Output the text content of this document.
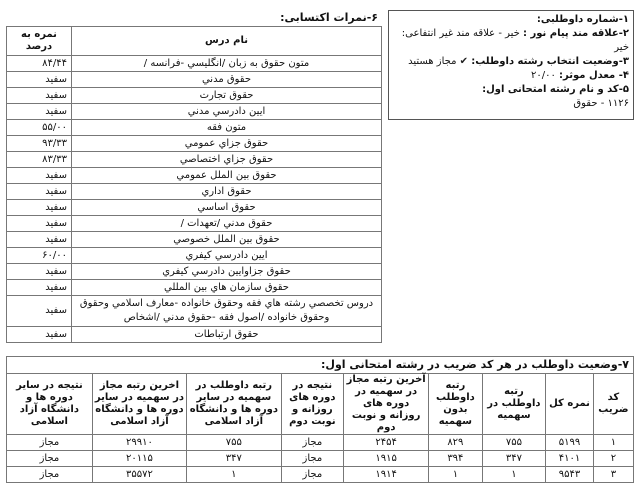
۱-شماره داوطلبی:
۲-علاقه مند پیام نور : خیر - علاقه مند غیر انتفاعی:
خیر
۳-وضعیت انتخاب رشته داوطلب: ✔ مجاز هستید
۴- معدل موثر: ۲۰/۰۰
۵-کد و نام رشته امتحانی اول:
۱۱۲۶ - حقوق
۶-نمرات اکتسابی:
نام درس	نمره به درصد
متون حقوق به زبان /انگليسي -فرانسه /	۸۴/۴۴
حقوق مدني	سفید
حقوق تجارت	سفید
ايين دادرسي مدني	سفید
متون فقه	۵۵/۰۰
حقوق جزاي عمومي	۹۳/۳۳
حقوق جزاي اختصاصي	۸۳/۳۳
حقوق بين الملل عمومي	سفید
حقوق اداري	سفید
حقوق اساسي	سفید
حقوق مدني /تعهدات /	سفید
حقوق بين الملل خصوصي	سفید
ايين دادرسي كيفري	۶۰/۰۰
حقوق جزاوايين دادرسي كيفري	سفید
حقوق سازمان هاي بين المللي	سفید
دروس تخصصي رشته هاي فقه وحقوق خانواده -معارف اسلامي وحقوق وحقوق خانواده /اصول فقه -حقوق مدني /اشخاص	سفید
حقوق ارتباطات	سفید
۷-وضعیت داوطلب در هر کد ضریب در رشته امتحانی اول:
کد ضریب	نمره کل	رتبه داوطلب در سهمیه	رتبه داوطلب بدون سهمیه	آخرین رتبه مجاز در سهمیه در دوره های روزانه و نوبت دوم	نتیجه در دوره های روزانه و نوبت دوم	رتبه داوطلب در سهمیه در سایر دوره ها و دانشگاه آزاد اسلامی	اخرین رتبه مجاز در سهمیه در سایر دوره ها و دانشگاه آزاد اسلامی	نتیجه در سایر دوره ها و دانشگاه آزاد اسلامی
۱	۵۱۹۹	۷۵۵	۸۲۹	۲۴۵۴	مجاز	۷۵۵	۲۹۹۱۰	مجاز
۲	۴۱۰۱	۳۴۷	۳۹۴	۱۹۱۵	مجاز	۳۴۷	۲۰۱۱۵	مجاز
۳	۹۵۴۳	۱	۱	۱۹۱۴	مجاز	۱	۳۵۵۷۲	مجاز
